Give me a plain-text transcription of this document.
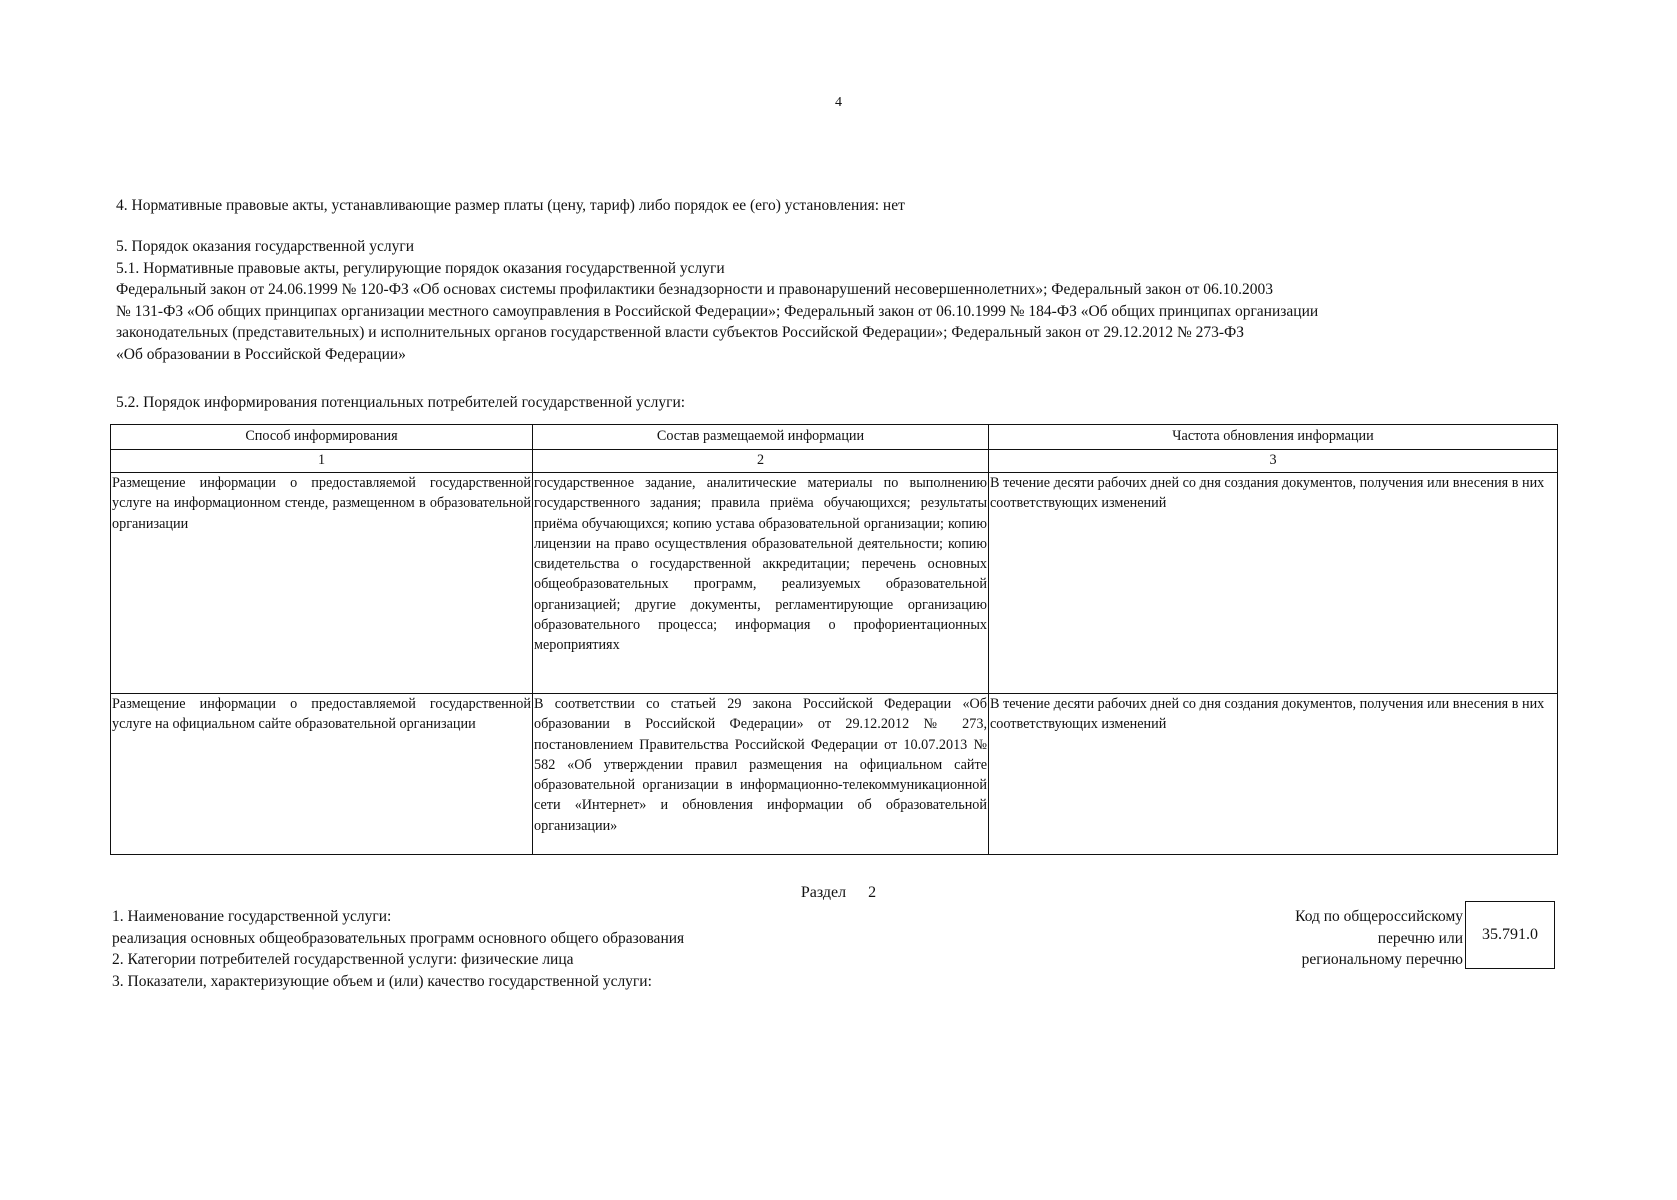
4

4. Нормативные правовые акты, устанавливающие размер платы (цену, тариф) либо порядок ее (его) установления: нет

5. Порядок оказания государственной услуги

5.1. Нормативные правовые акты, регулирующие порядок оказания государственной услуги

Федеральный закон от 24.06.1999 № 120-ФЗ «Об основах системы профилактики безнадзорности и правонарушений несовершеннолетних»; Федеральный закон от 06.10.2003

№ 131-ФЗ «Об общих принципах организации местного самоуправления в Российской Федерации»; Федеральный закон от 06.10.1999 № 184-ФЗ «Об общих принципах организации

законодательных (представительных) и исполнительных органов государственной власти субъектов Российской Федерации»; Федеральный закон от 29.12.2012 № 273-ФЗ

«Об образовании в Российской Федерации»

5.2. Порядок информирования потенциальных потребителей государственной услуги:

Способ информирования	Состав размещаемой информации	Частота обновления информации
1	2	3
Размещение информации о предоставляемой государственной услуге на информационном стенде, размещенном в образовательной организации	государственное задание, аналитические материалы по выполнению государственного задания; правила приёма обучающихся; результаты приёма обучающихся; копию устава образовательной организации; копию лицензии на право осуществления образовательной деятельности; копию свидетельства о государственной аккредитации; перечень основных общеобразовательных программ, реализуемых образовательной организацией; другие документы, регламентирующие организацию образовательного процесса; информация о профориентационных мероприятиях	В течение десяти рабочих дней со дня создания документов, получения или внесения в них соответствующих изменений
Размещение информации о предоставляемой государственной услуге на официальном сайте образовательной организации	В соответствии со статьей 29 закона Российской Федерации «Об образовании в Российской Федерации» от 29.12.2012 № 273, постановлением Правительства Российской Федерации от 10.07.2013 № 582 «Об утверждении правил размещения на официальном сайте образовательной организации в информационно-телекоммуникационной сети «Интернет» и обновления информации об образовательной организации»	В течение десяти рабочих дней со дня создания документов, получения или внесения в них соответствующих изменений
Раздел 2

1. Наименование государственной услуги:

реализация основных общеобразовательных программ основного общего образования

2. Категории потребителей государственной услуги: физические лица

3. Показатели, характеризующие объем и (или) качество государственной услуги:

Код по общероссийскому

перечню или

региональному перечню

35.791.0
